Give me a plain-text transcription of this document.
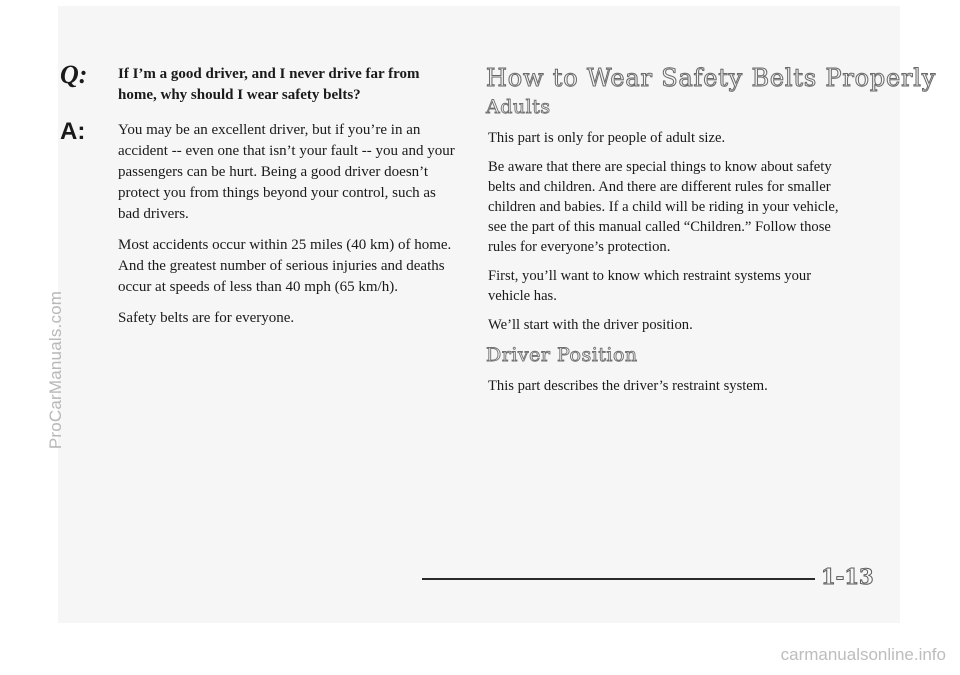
ProCarManuals.com
Q: If I’m a good driver, and I never drive far from home, why should I wear safety belts?

A: You may be an excellent driver, but if you’re in an accident -- even one that isn’t your fault -- you and your passengers can be hurt. Being a good driver doesn’t protect you from things beyond your control, such as bad drivers.

Most accidents occur within 25 miles (40 km) of home. And the greatest number of serious injuries and deaths occur at speeds of less than 40 mph (65 km/h).

Safety belts are for everyone.

How to Wear Safety Belts Properly
Adults

This part is only for people of adult size.

Be aware that there are special things to know about safety belts and children. And there are different rules for smaller children and babies. If a child will be riding in your vehicle, see the part of this manual called “Children.” Follow those rules for everyone’s protection.

First, you’ll want to know which restraint systems your vehicle has.

We’ll start with the driver position.

Driver Position

This part describes the driver’s restraint system.

1-13
carmanualsonline.info
